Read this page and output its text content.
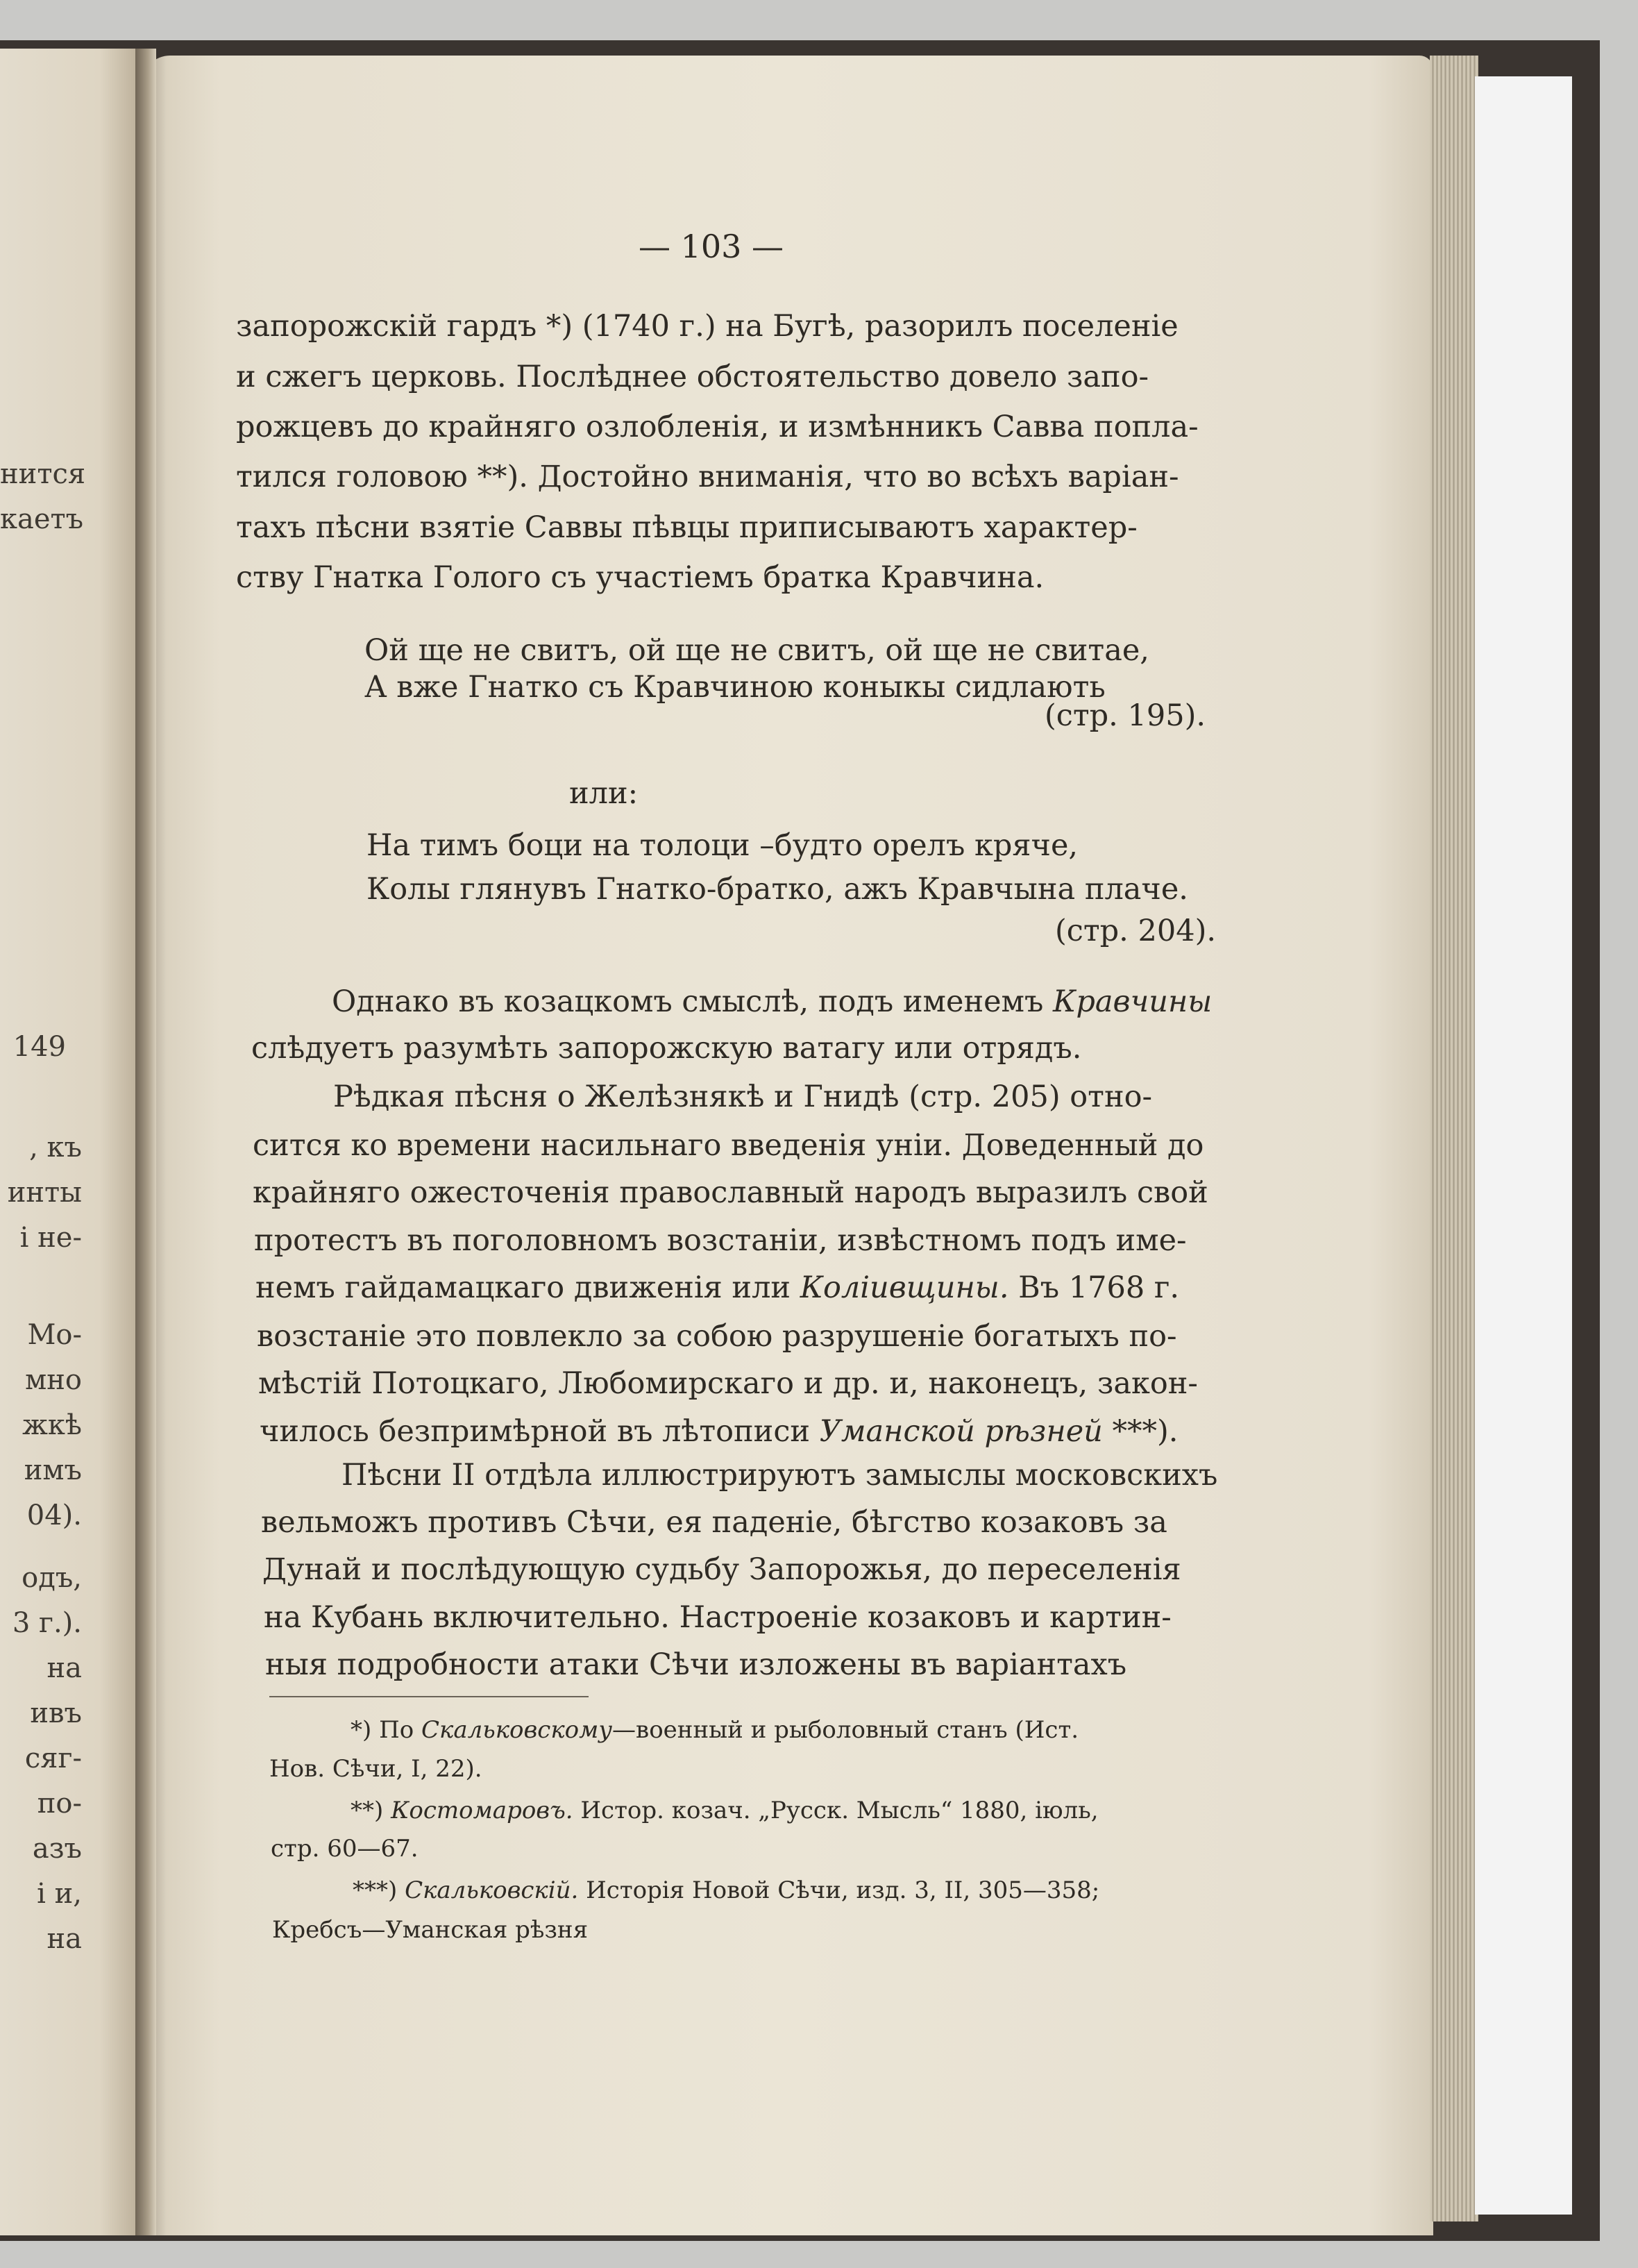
нится
каетъ
149
, къ
инты
і не-
Мо-
мно
жкѣ
имъ
04).
одъ,
3 г.).
на
ивъ
сяг-
по-
азъ
і и,
на
— 103 —
запорожскій гардъ *) (1740 г.) на Бугѣ, разорилъ поселеніе
и сжегъ церковь. Послѣднее обстоятельство довело запо-
рожцевъ до крайняго озлобленія, и измѣнникъ Савва попла-
тился головою **). Достойно вниманія, что во всѣхъ варіан-
тахъ пѣсни взятіе Саввы пѣвцы приписываютъ характер-
ству Гнатка Голого съ участіемъ братка Кравчина.
Ой ще не свитъ, ой ще не свитъ, ой ще не свитае,
А вже Гнатко съ Кравчиною коныкы сидлають
(стр. 195).
или:
На тимъ боци на толоци –будто орелъ кряче,
Колы глянувъ Гнатко-братко, ажъ Кравчына плаче.
(стр. 204).
Однако въ козацкомъ смыслѣ, подъ именемъ Кравчины
слѣдуетъ разумѣть запорожскую ватагу или отрядъ.
Рѣдкая пѣсня о Желѣзнякѣ и Гнидѣ (стр. 205) отно-
сится ко времени насильнаго введенія уніи. Доведенный до
крайняго ожесточенія православный народъ выразилъ свой
протестъ въ поголовномъ возстаніи, извѣстномъ подъ име-
немъ гайдамацкаго движенія или Колiивщины. Въ 1768 г.
возстаніе это повлекло за собою разрушеніе богатыхъ по-
мѣстій Потоцкаго, Любомирскаго и др. и, наконецъ, закон-
чилось безпримѣрной въ лѣтописи Уманской рѣзней ***).
Пѣсни II отдѣла иллюстрируютъ замыслы московскихъ
вельможъ противъ Сѣчи, ея паденіе, бѣгство козаковъ за
Дунай и послѣдующую судьбу Запорожья, до переселенія
на Кубань включительно. Настроеніе козаковъ и картин-
ныя подробности атаки Сѣчи изложены въ варіантахъ
*) По Скальковскому—военный и рыболовный станъ (Ист.
Нов. Сѣчи, I, 22).
**) Костомаровъ. Истор. козач. „Русск. Мысль“ 1880, іюль,
стр. 60—67.
***) Скальковскій. Исторія Новой Сѣчи, изд. 3, II, 305—358;
Кребсъ—Уманская рѣзня
